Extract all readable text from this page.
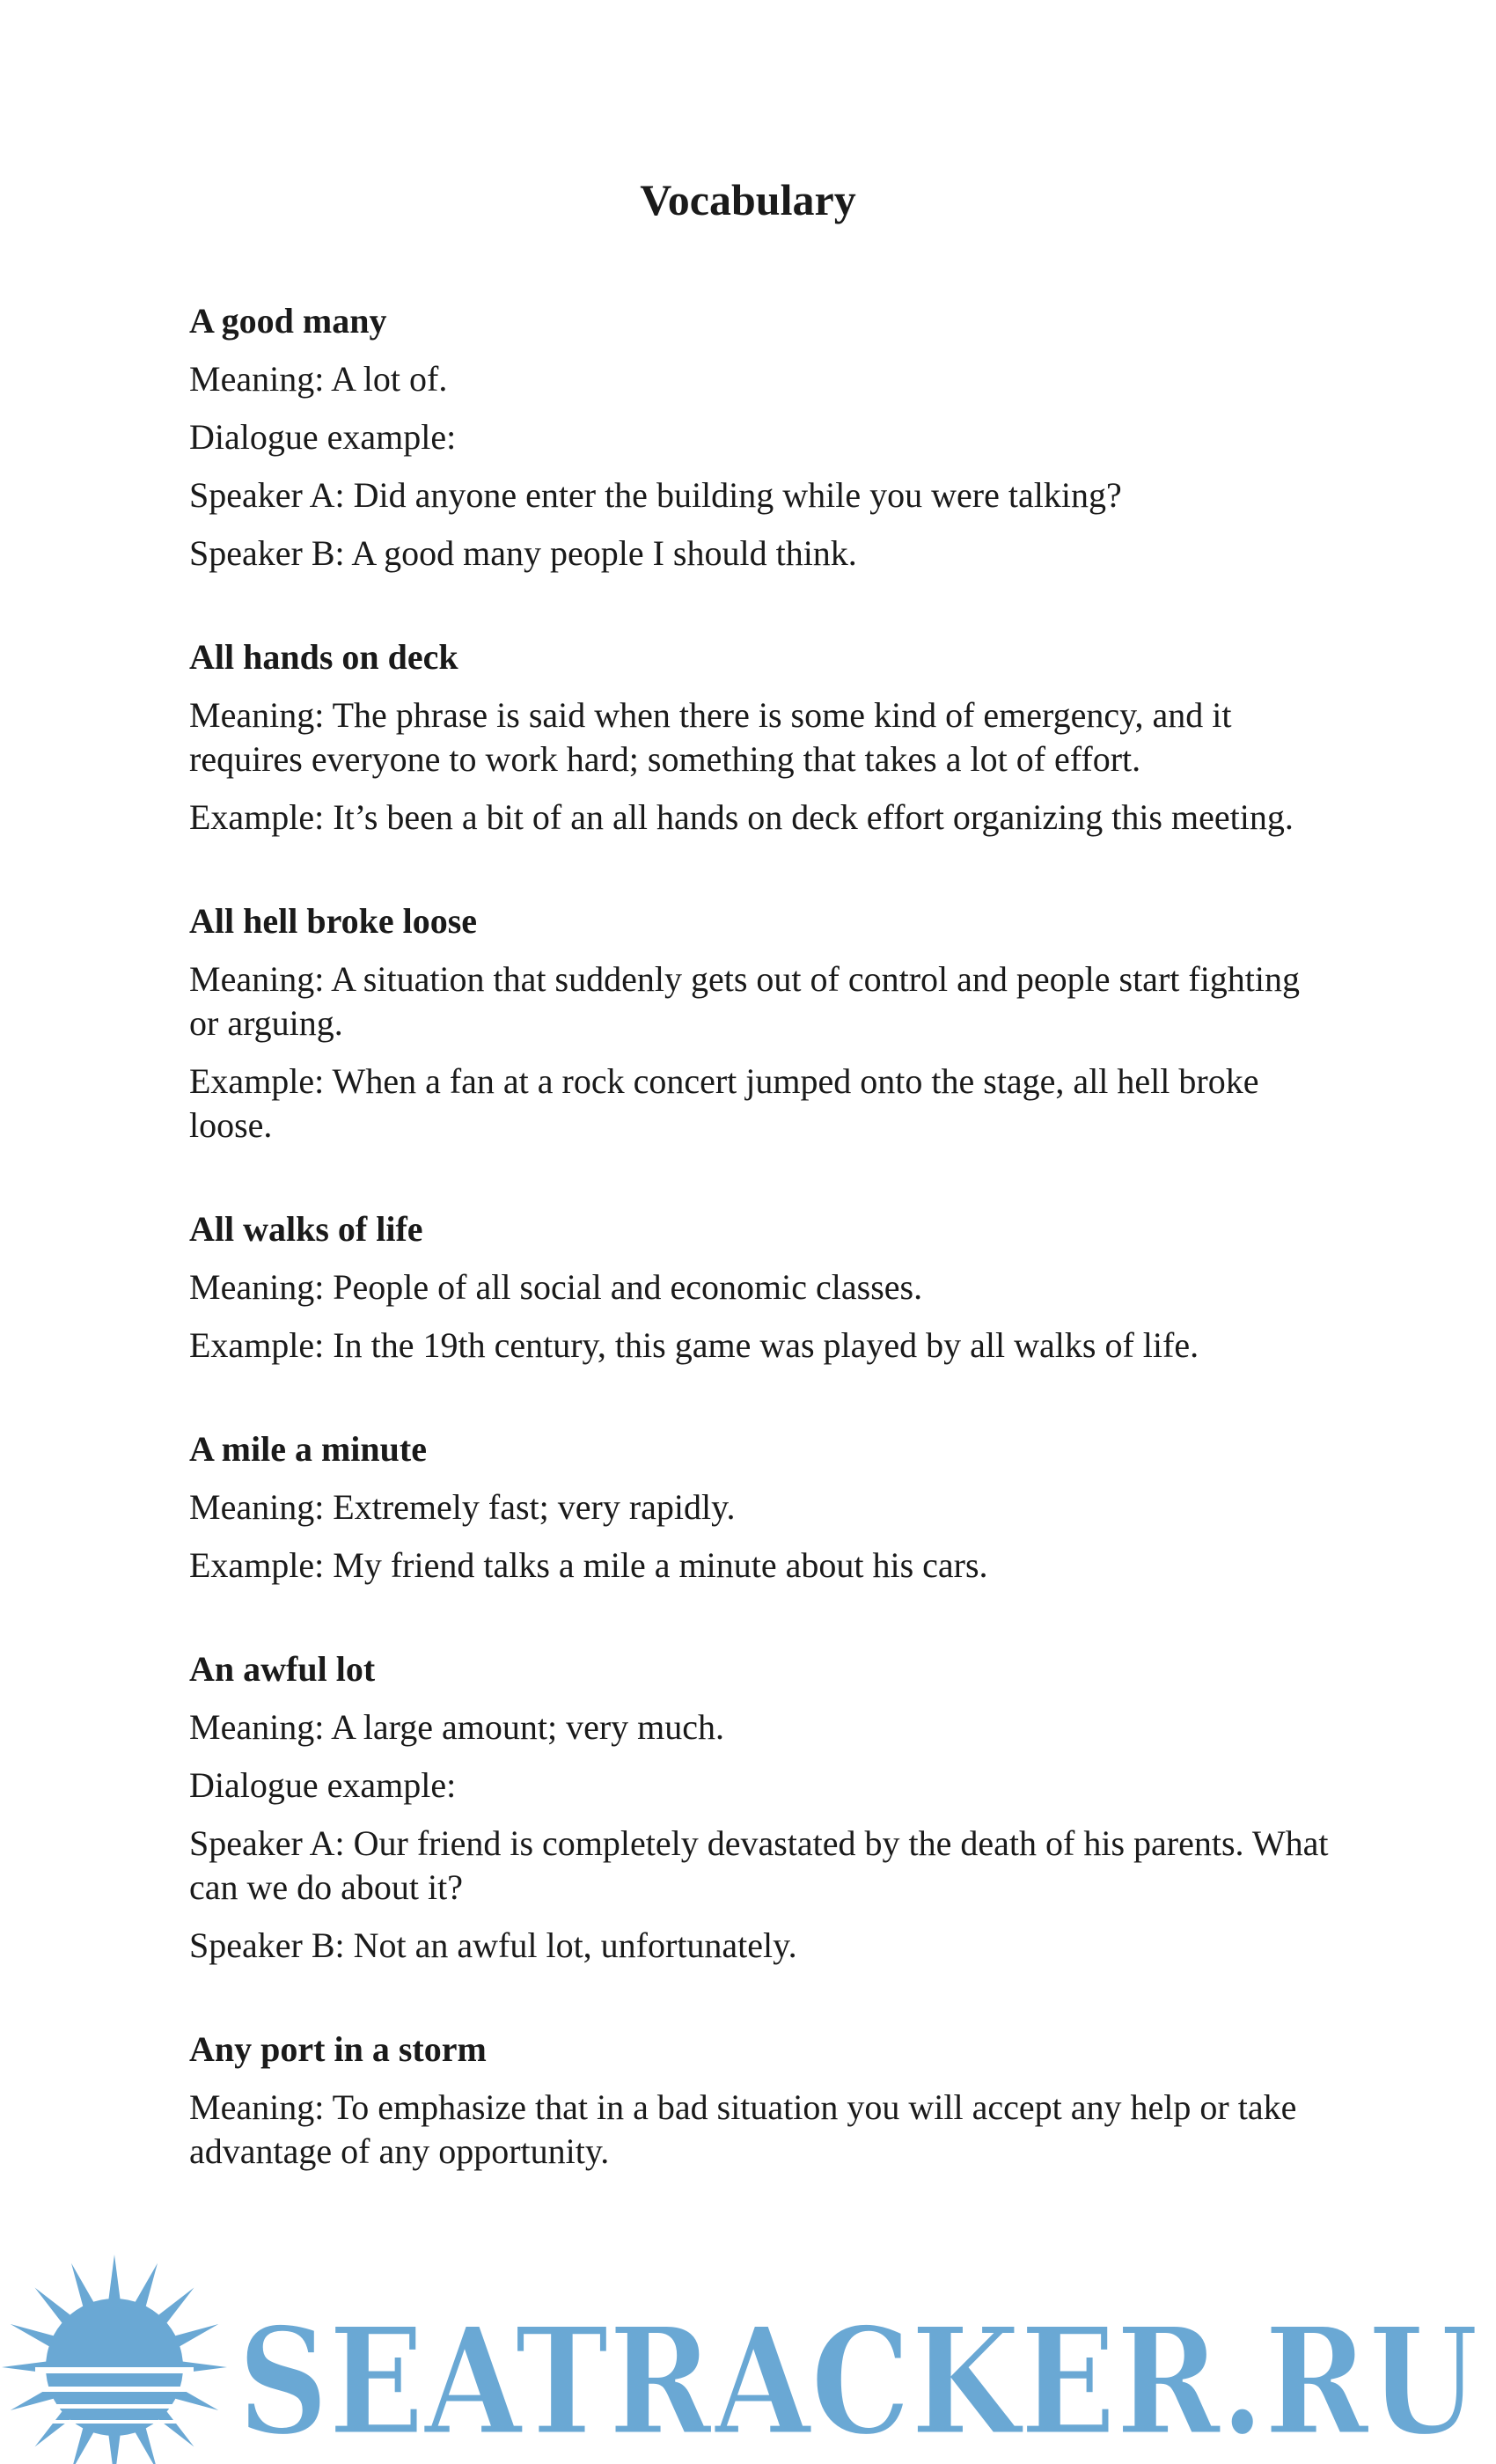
Vocabulary
A good many
Meaning: A lot of.
Dialogue example:
Speaker A: Did anyone enter the building while you were talking?
Speaker B: A good many people I should think.
All hands on deck
Meaning: The phrase is said when there is some kind of emergency, and it requires everyone to work hard; something that takes a lot of effort.
Example: It’s been a bit of an all hands on deck effort organizing this meeting.
All hell broke loose
Meaning: A situation that suddenly gets out of control and people start fighting or arguing.
Example: When a fan at a rock concert jumped onto the stage, all hell broke loose.
All walks of life
Meaning: People of all social and economic classes.
Example: In the 19th century, this game was played by all walks of life.
A mile a minute
Meaning: Extremely fast; very rapidly.
Example: My friend talks a mile a minute about his cars.
An awful lot
Meaning: A large amount; very much.
Dialogue example:
Speaker A: Our friend is completely devastated by the death of his parents. What can we do about it?
Speaker B: Not an awful lot, unfortunately.
Any port in a storm
Meaning: To emphasize that in a bad situation you will accept any help or take advantage of any opportunity.
SEATRACKER.RU
